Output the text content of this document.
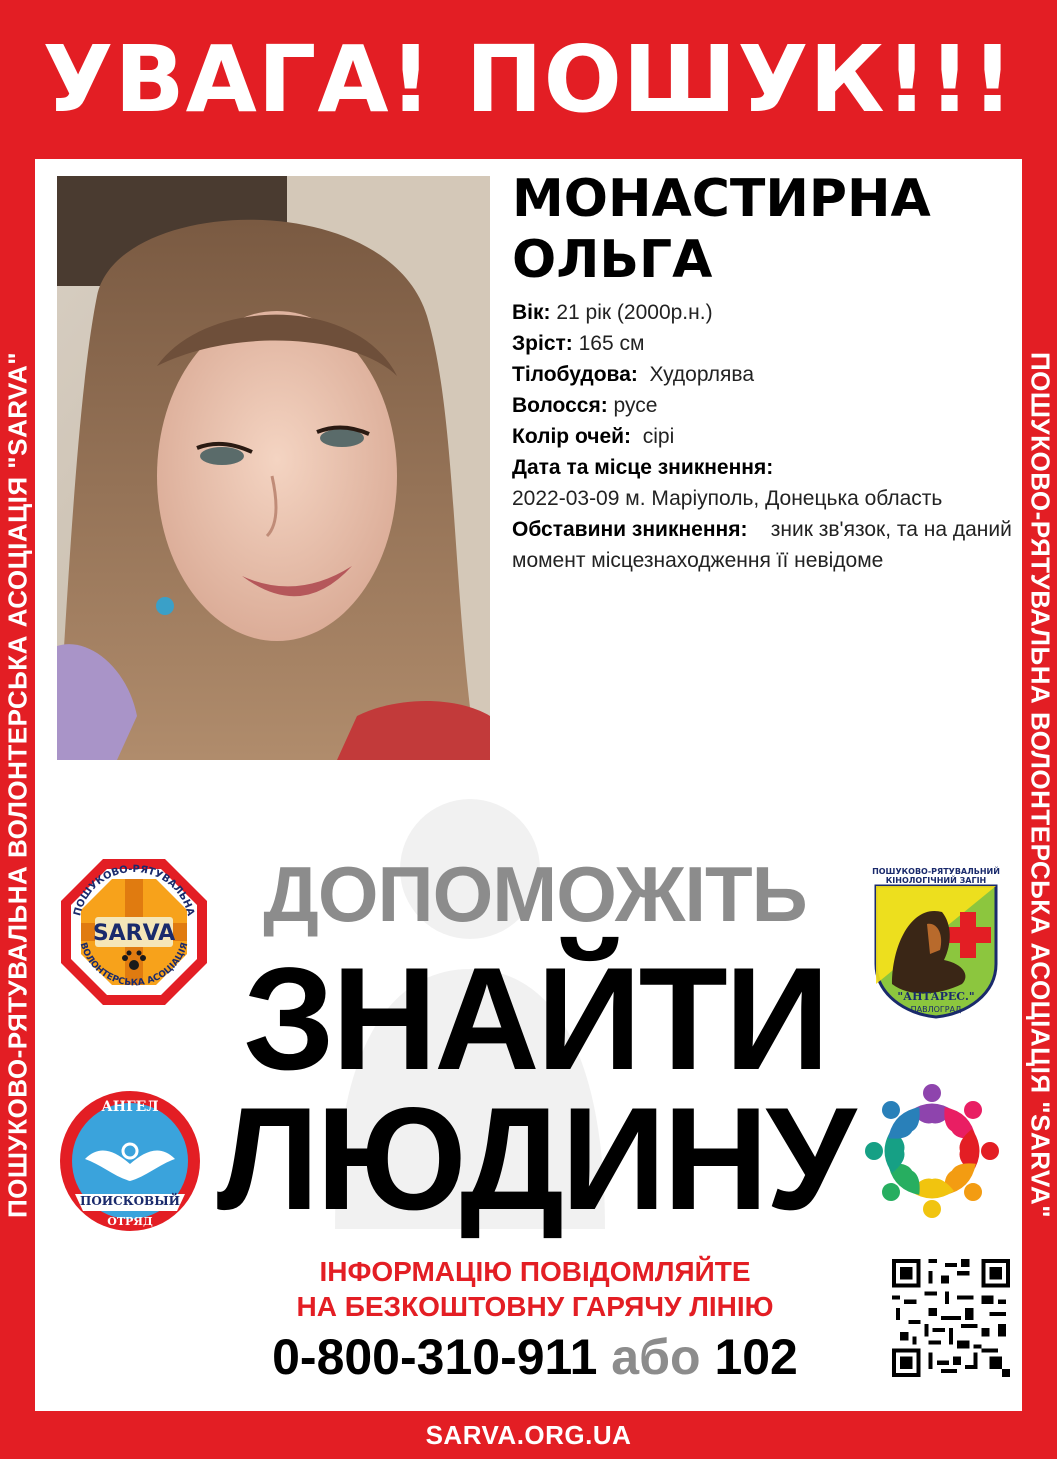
УВАГА! ПОШУК!!!
ПОШУКОВО-РЯТУВАЛЬНА ВОЛОНТЕРСЬКА АСОЦІАЦІЯ "SARVA"	ПОШУКОВО-РЯТУВАЛЬНА ВОЛОНТЕРСЬКА АСОЦІАЦІЯ "SARVA"
МОНАСТИРНА
ОЛЬГА
Вік: 21 рік (2000р.н.)
Зріст: 165 см
Тілобудова: Худорлява
Волосся: русе
Колір очей: сірі
Дата та місце зникнення:
2022-03-09 м. Маріуполь, Донецька область
Обставини зникнення: зник зв'язок, та на даний момент місцезнаходження її невідоме
ДОПОМОЖІТЬ
ЗНАЙТИ
ЛЮДИНУ
SARVA
ПОШУКОВО-РЯТУВАЛЬНА
ВОЛОНТЕРСЬКА АСОЦІАЦІЯ
ПОШУКОВО-РЯТУВАЛЬНИЙ
КІНОЛОГІЧНИЙ ЗАГІН
"АНТАРЕС."
ПАВЛОГРАД
АНГЕЛ
ПОИСКОВЫЙ
ОТРЯД
ІНФОРМАЦІЮ ПОВІДОМЛЯЙТЕ
НА БЕЗКОШТОВНУ ГАРЯЧУ ЛІНІЮ
0-800-310-911 або 102
SARVA.ORG.UA
